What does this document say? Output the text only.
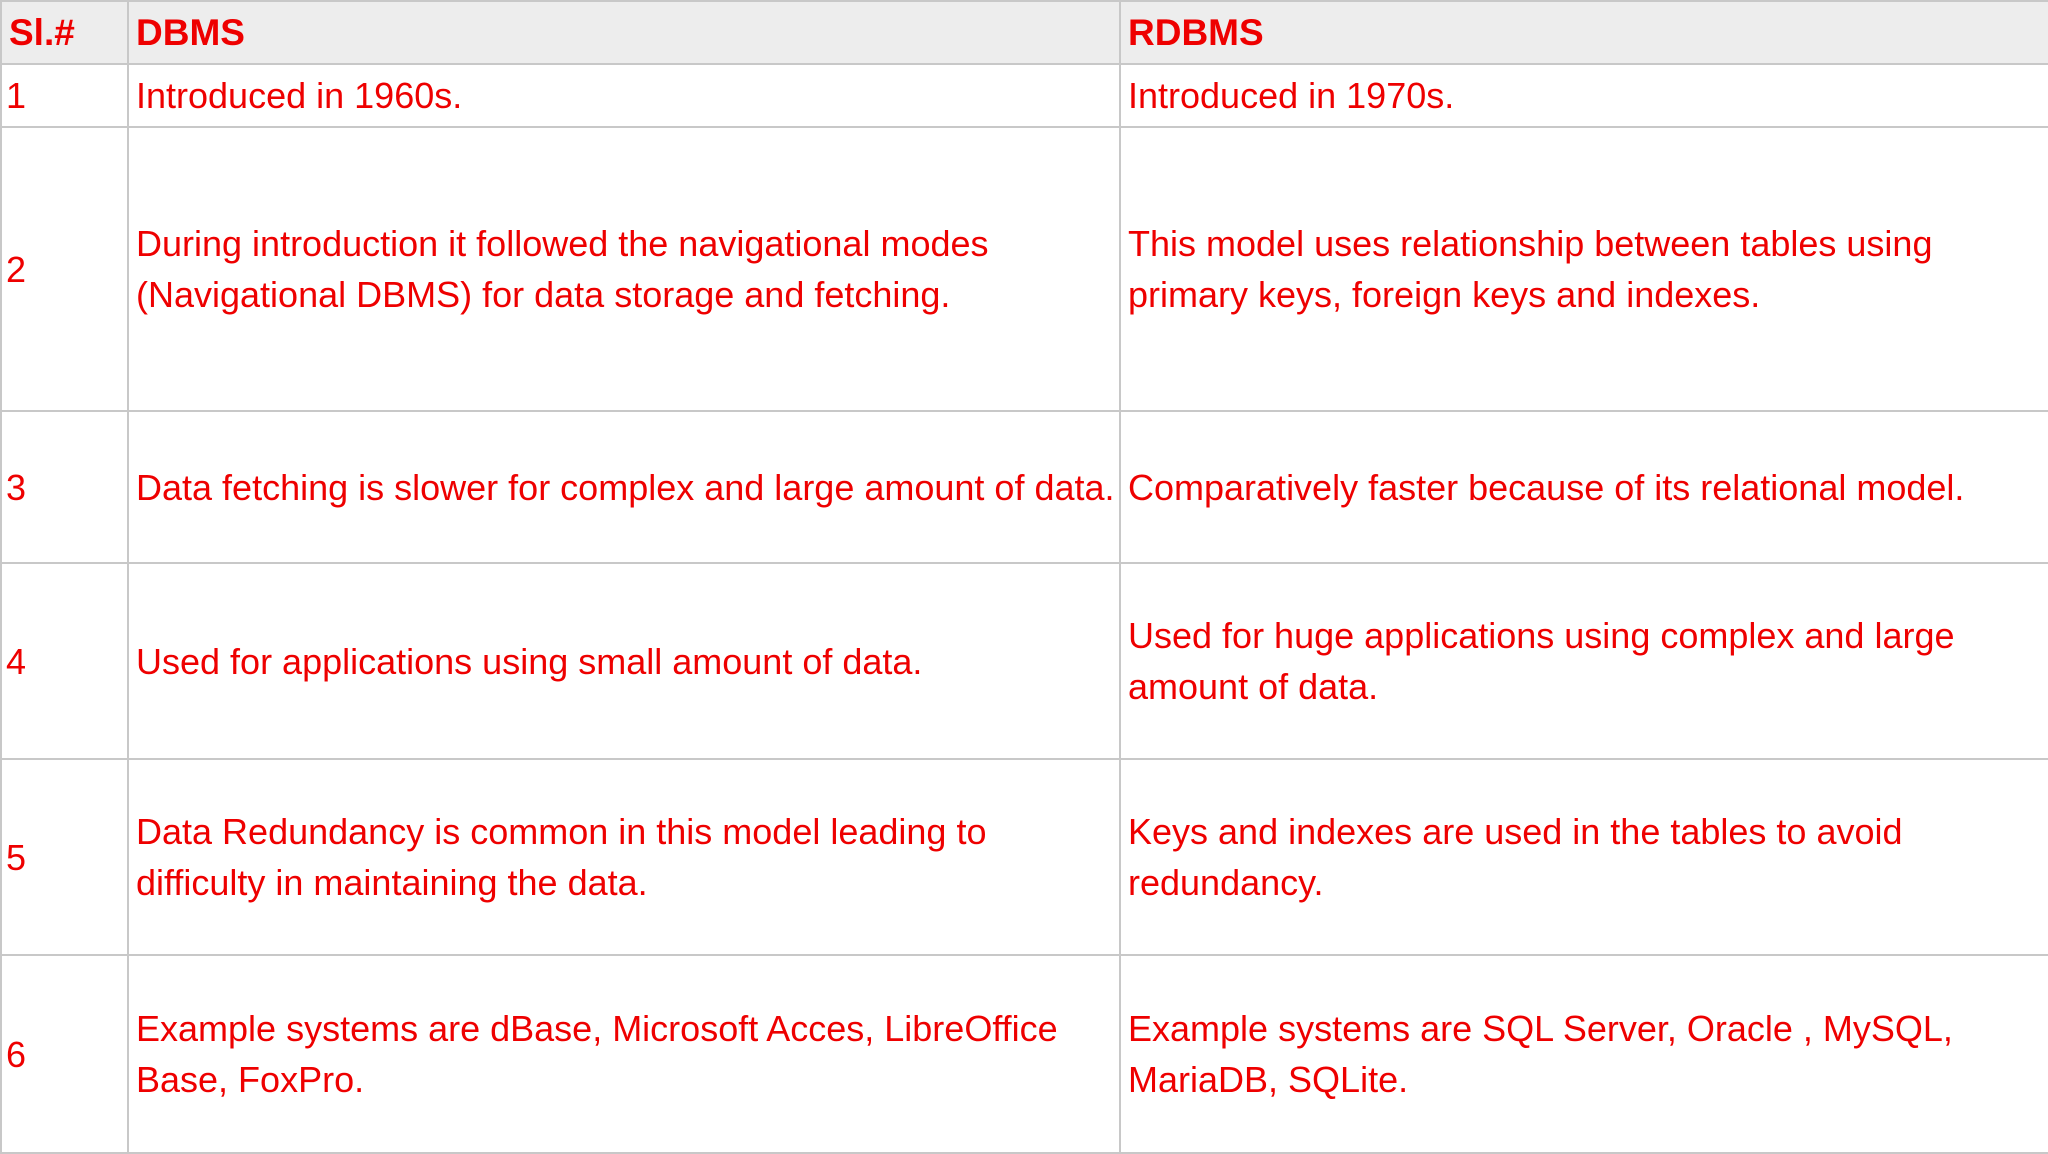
Sl.#	DBMS	RDBMS
1	Introduced in 1960s.	Introduced in 1970s.
2	During introduction it followed the navigational modes (Navigational DBMS) for data storage and fetching.	This model uses relationship between tables using primary keys, foreign keys and indexes.
3	Data fetching is slower for complex and large amount of data.	Comparatively faster because of its relational model.
4	Used for applications using small amount of data.	Used for huge applications using complex and large amount of data.
5	Data Redundancy is common in this model leading to difficulty in maintaining the data.	Keys and indexes are used in the tables to avoid redundancy.
6	Example systems are dBase, Microsoft Acces, LibreOffice Base, FoxPro.	Example systems are SQL Server, Oracle , MySQL, MariaDB, SQLite.
